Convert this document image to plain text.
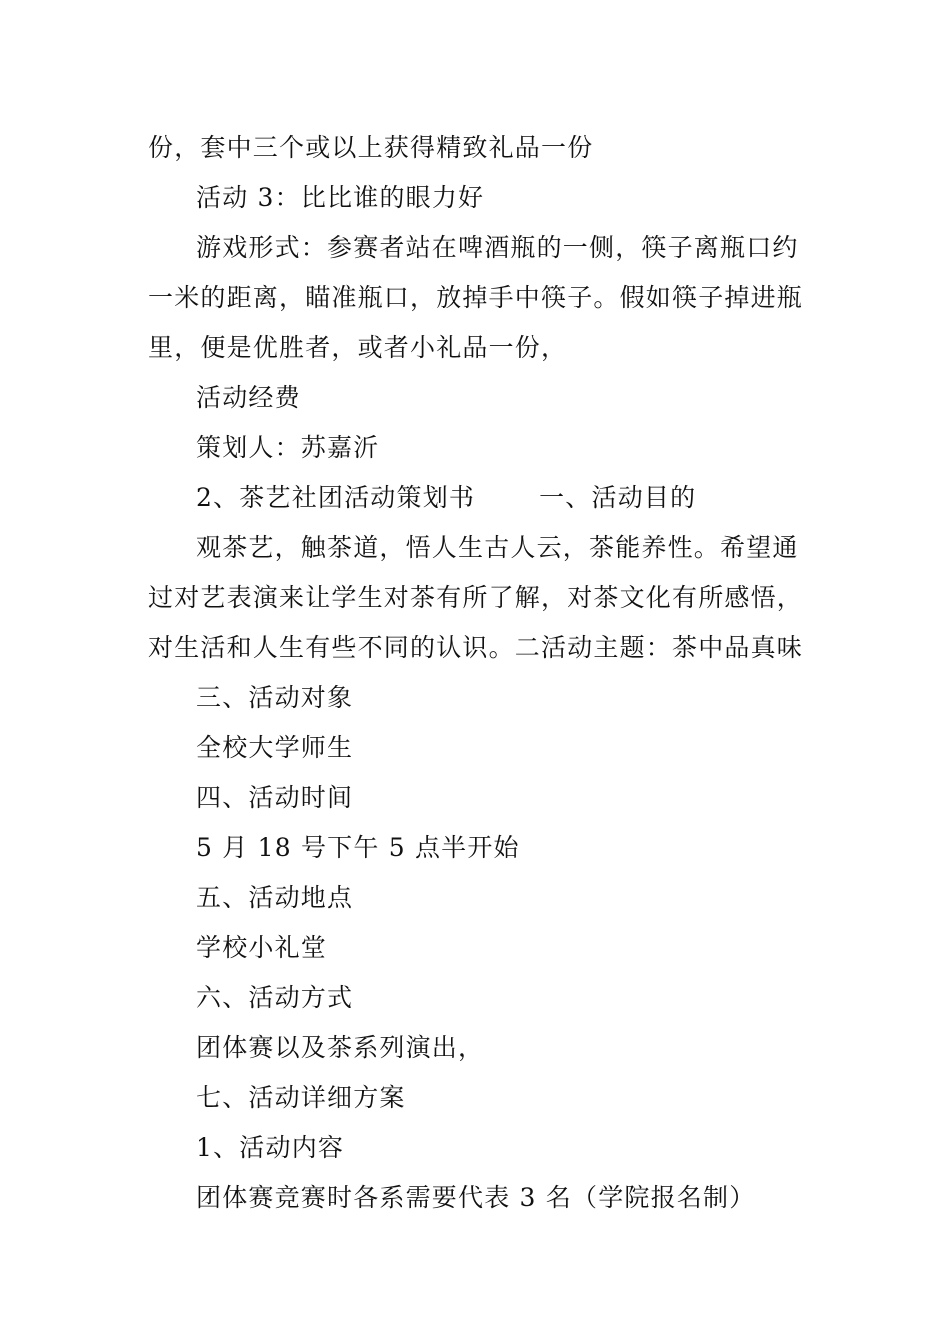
份，套中三个或以上获得精致礼品一份
活动 3：比比谁的眼力好
游戏形式：参赛者站在啤酒瓶的一侧，筷子离瓶口约
一米的距离，瞄准瓶口，放掉手中筷子。假如筷子掉进瓶
里，便是优胜者，或者小礼品一份，
活动经费
策划人：苏嘉沂
2、茶艺社团活动策划书	一、活动目的
观茶艺，触茶道，悟人生古人云，茶能养性。希望通
过对艺表演来让学生对茶有所了解，对茶文化有所感悟，
对生活和人生有些不同的认识。二活动主题：茶中品真味
三、活动对象
全校大学师生
四、活动时间
5 月 18 号下午 5 点半开始
五、活动地点
学校小礼堂
六、活动方式
团体赛以及茶系列演出，
七、活动详细方案
1、活动内容
团体赛竞赛时各系需要代表 3 名（学院报名制）
